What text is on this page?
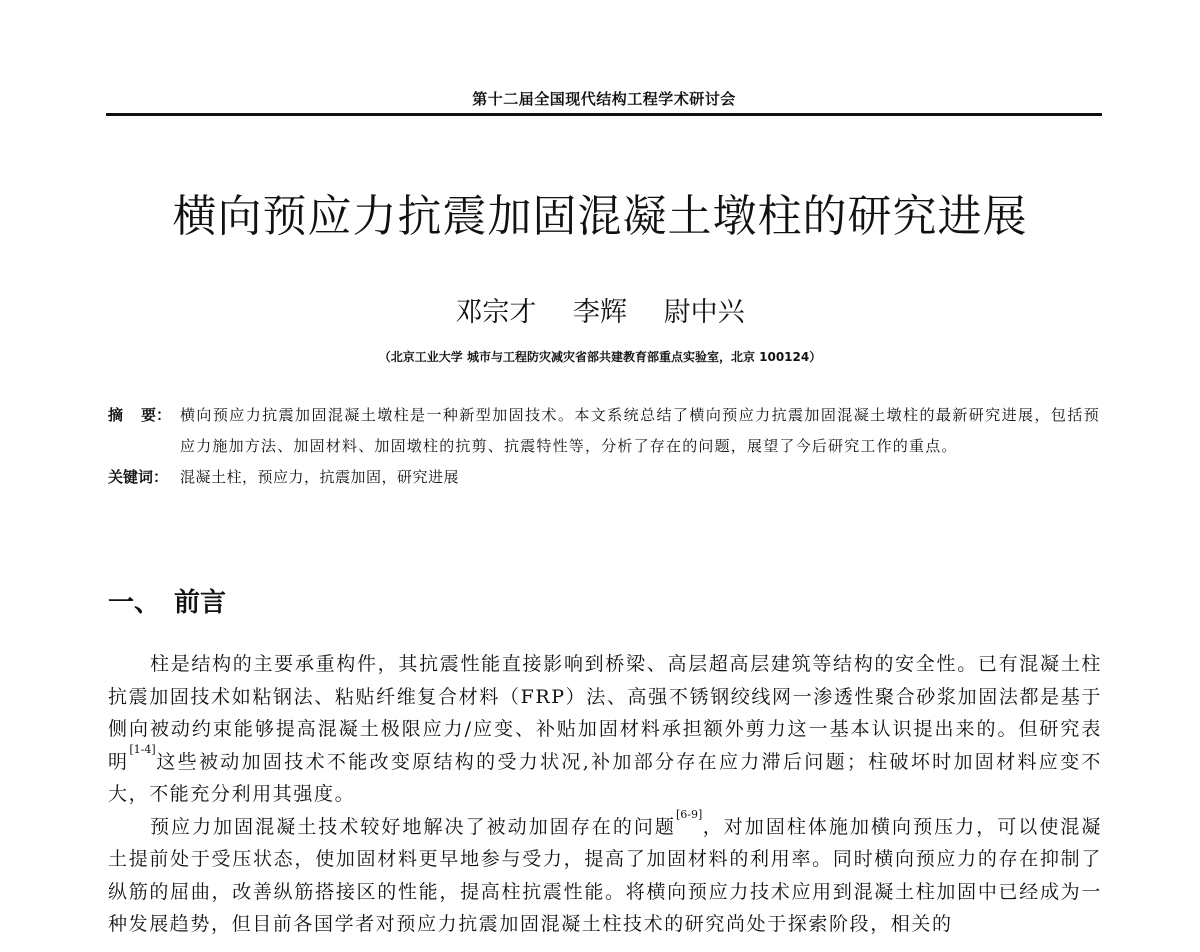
第十二届全国现代结构工程学术研讨会
横向预应力抗震加固混凝土墩柱的研究进展
邓宗才 李辉 尉中兴
（北京工业大学 城市与工程防灾减灾省部共建教育部重点实验室，北京 100124）
摘 要： 横向预应力抗震加固混凝土墩柱是一种新型加固技术。本文系统总结了横向预应力抗震加固混凝土墩柱的最新研究进展，包括预应力施加方法、加固材料、加固墩柱的抗剪、抗震特性等，分析了存在的问题，展望了今后研究工作的重点。
关键词： 混凝土柱，预应力，抗震加固，研究进展
一、 前言

柱是结构的主要承重构件，其抗震性能直接影响到桥梁、高层超高层建筑等结构的安全性。已有混凝土柱抗震加固技术如粘钢法、粘贴纤维复合材料（FRP）法、高强不锈钢绞线网一渗透性聚合砂浆加固法都是基于侧向被动约束能够提高混凝土极限应力/应变、补贴加固材料承担额外剪力这一基本认识提出来的。但研究表明[1-4]这些被动加固技术不能改变原结构的受力状况,补加部分存在应力滞后问题；柱破坏时加固材料应变不大，不能充分利用其强度。

预应力加固混凝土技术较好地解决了被动加固存在的问题[6-9]，对加固柱体施加横向预压力，可以使混凝土提前处于受压状态，使加固材料更早地参与受力，提高了加固材料的利用率。同时横向预应力的存在抑制了纵筋的屈曲，改善纵筋搭接区的性能，提高柱抗震性能。将横向预应力技术应用到混凝土柱加固中已经成为一种发展趋势，但目前各国学者对预应力抗震加固混凝土柱技术的研究尚处于探索阶段，相关的
